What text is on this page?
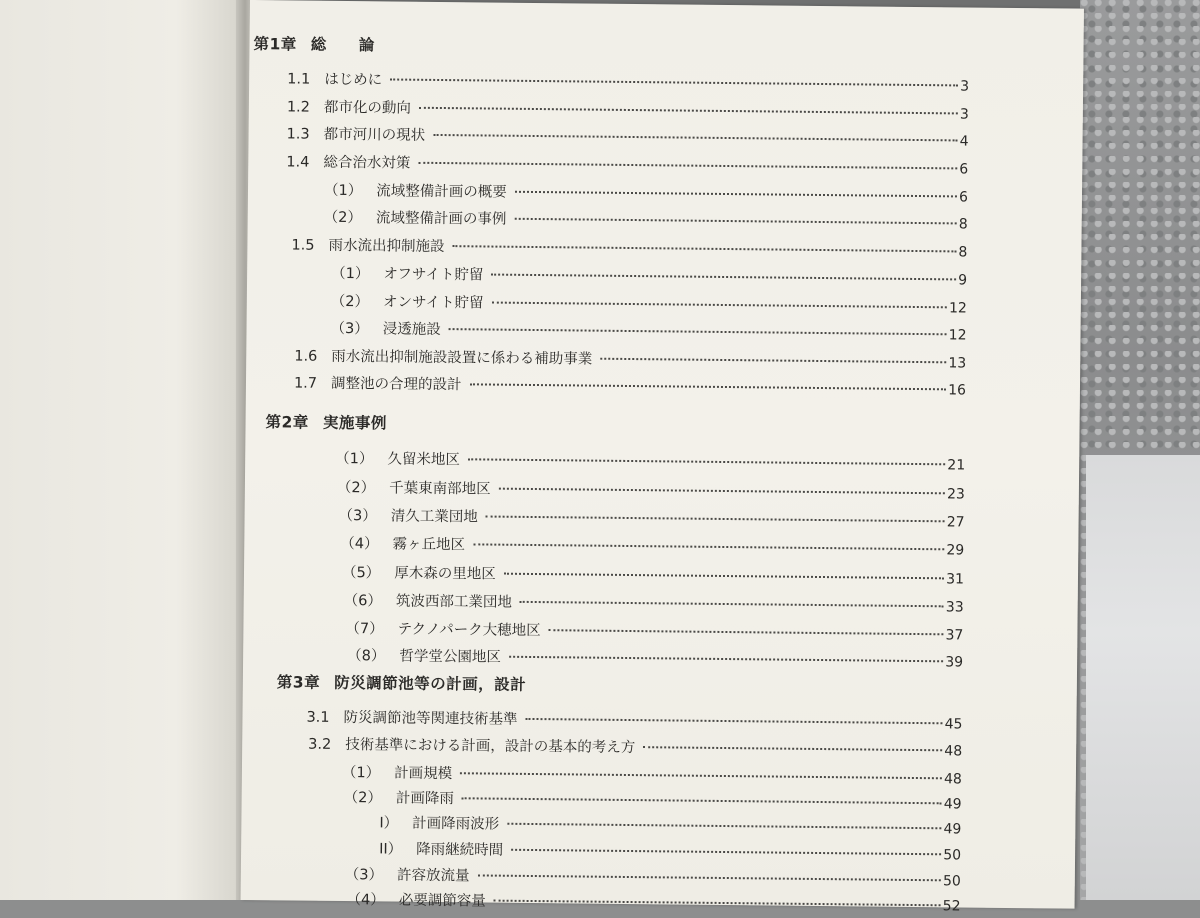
第1章 総　　論
1.1 はじめに	3
1.2 都市化の動向	3
1.3 都市河川の現状	4
1.4 総合治水対策	6
（1） 流域整備計画の概要	6
（2） 流域整備計画の事例	8
1.5 雨水流出抑制施設	8
（1） オフサイト貯留	9
（2） オンサイト貯留	12
（3） 浸透施設	12
1.6 雨水流出抑制施設設置に係わる補助事業	13
1.7 調整池の合理的設計	16
第2章 実施事例
（1） 久留米地区	21
（2） 千葉東南部地区	23
（3） 清久工業団地	27
（4） 霧ヶ丘地区	29
（5） 厚木森の里地区	31
（6） 筑波西部工業団地	33
（7） テクノパーク大穂地区	37
（8） 哲学堂公園地区	39
第3章 防災調節池等の計画，設計
3.1 防災調節池等関連技術基準	45
3.2 技術基準における計画，設計の基本的考え方	48
（1） 計画規模	48
（2） 計画降雨	49
I） 計画降雨波形	49
II） 降雨継続時間	50
（3） 許容放流量	50
（4） 必要調節容量	52
